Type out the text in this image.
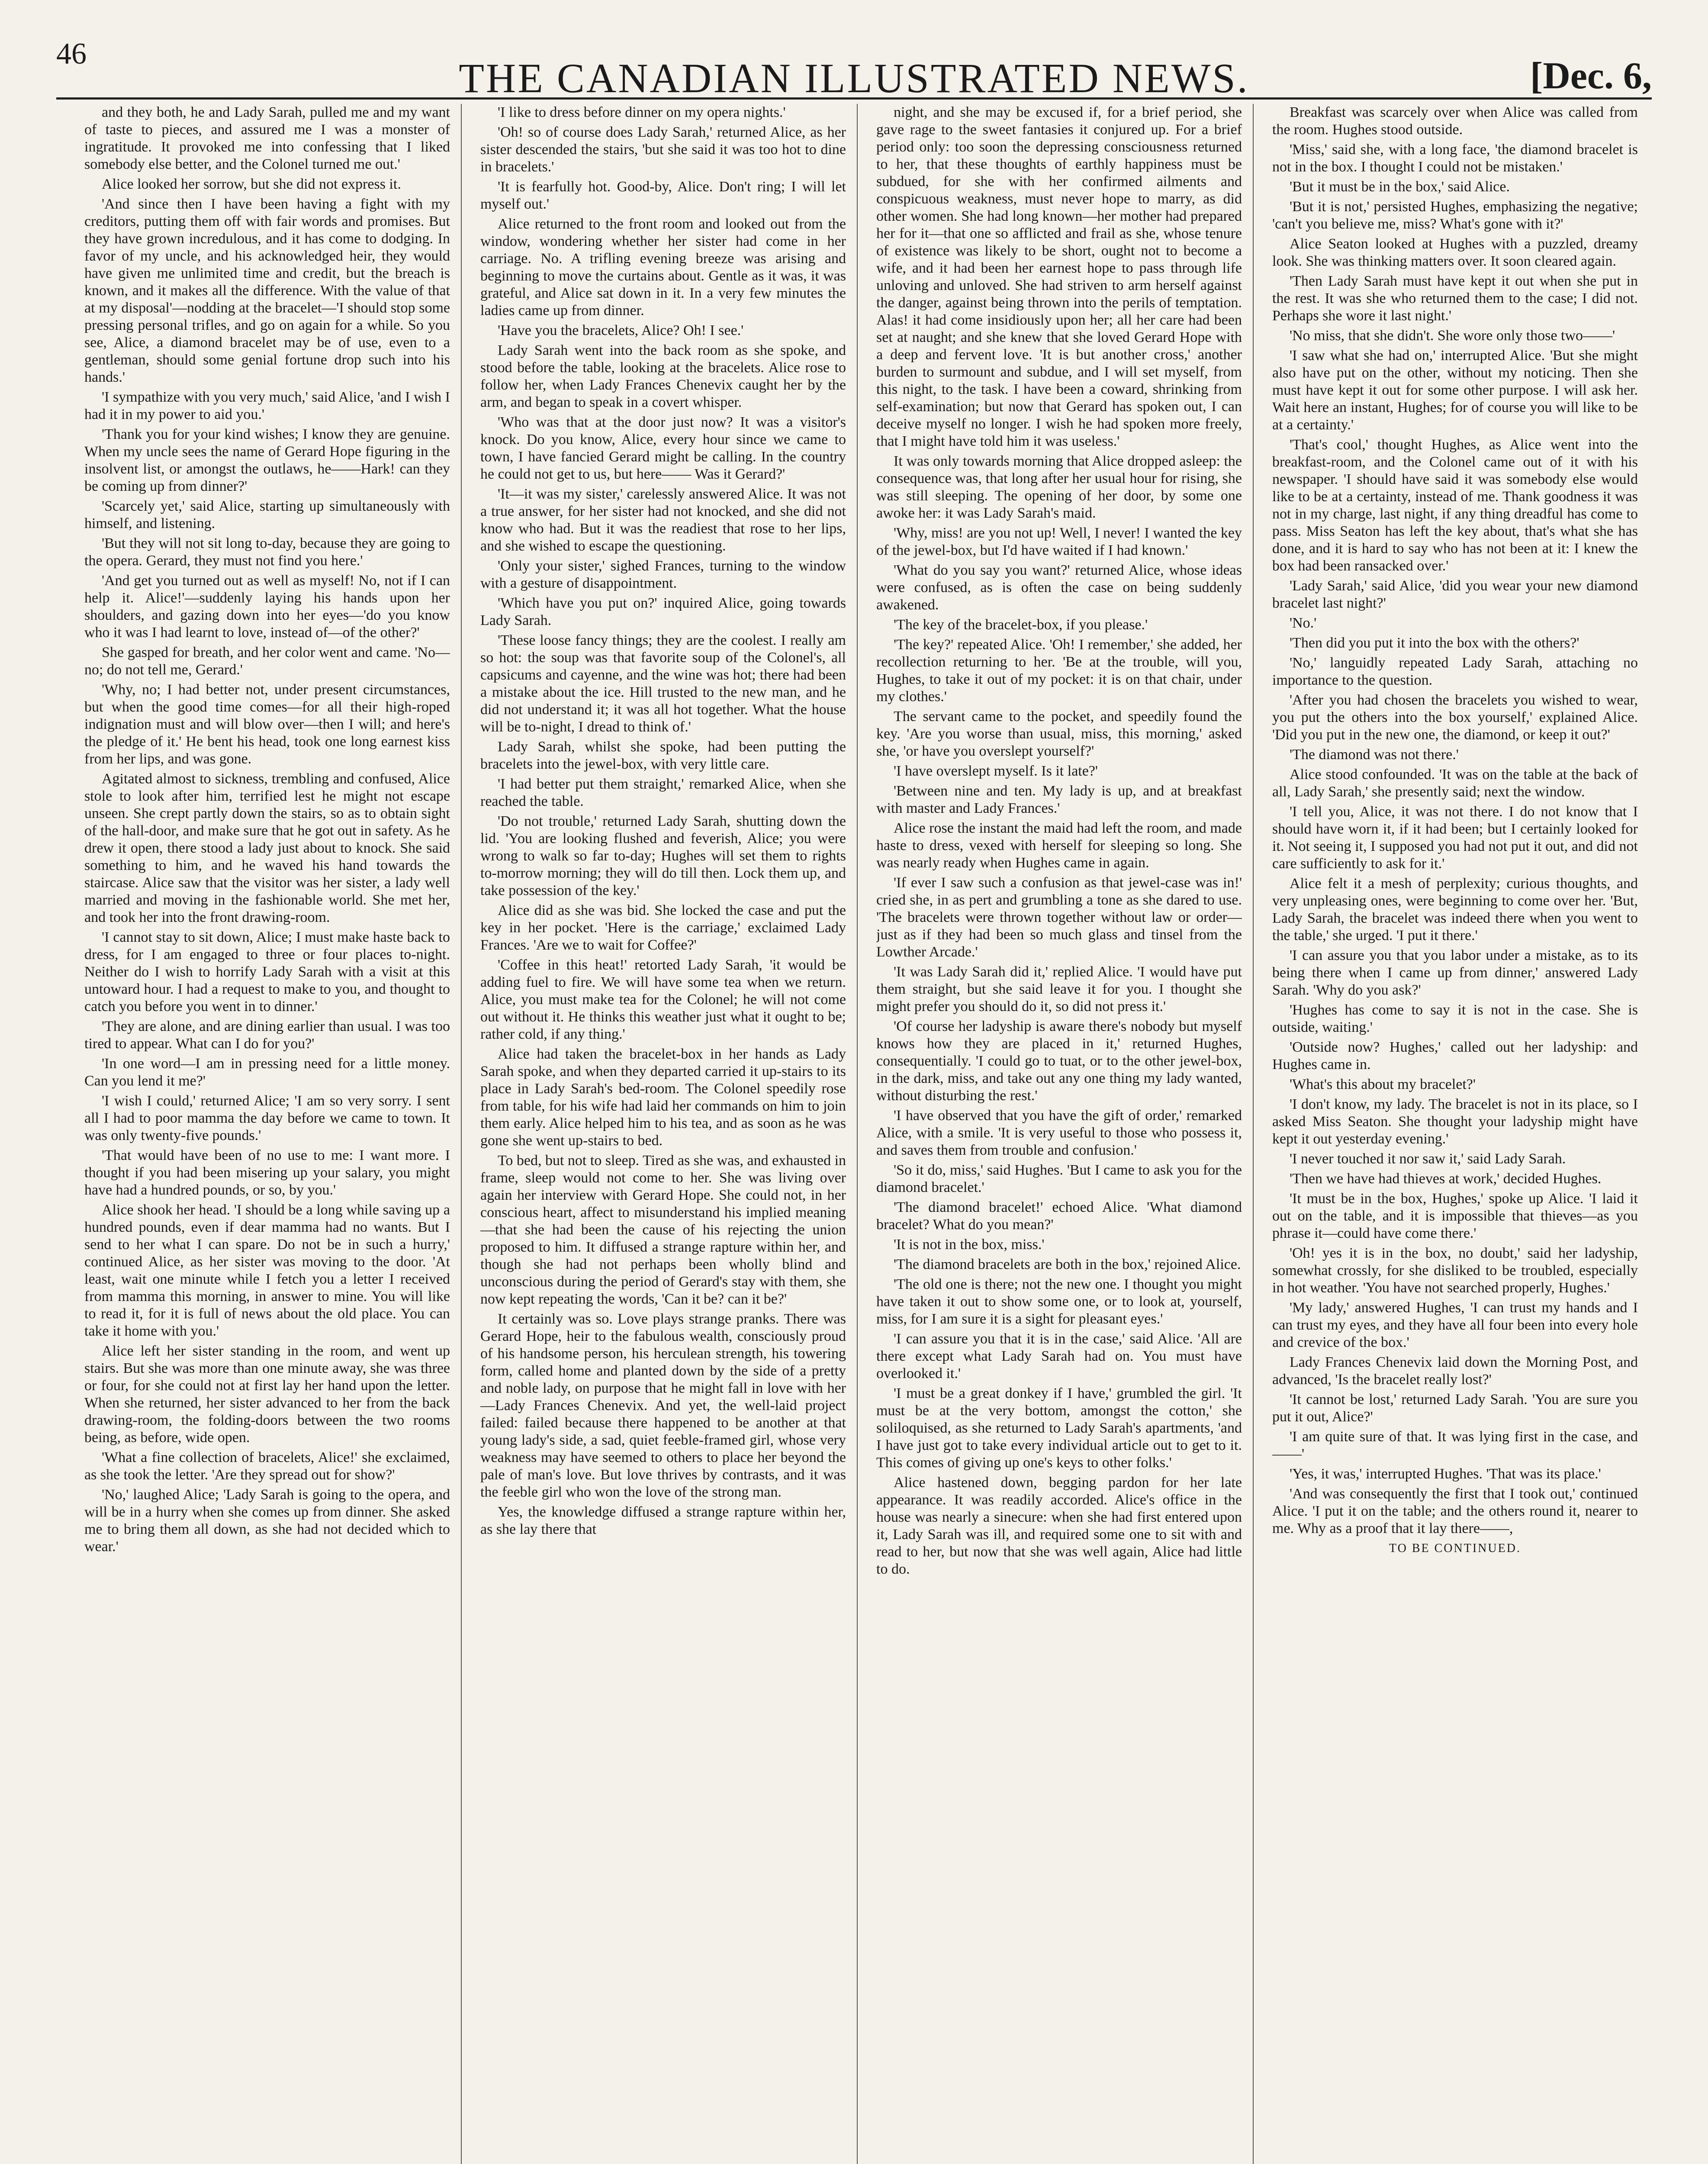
46
THE CANADIAN ILLUSTRATED NEWS.	[Dec. 6,

and they both, he and Lady Sarah, pulled me and my want of taste to pieces, and assured me I was a monster of ingratitude. It provoked me into confessing that I liked somebody else better, and the Colonel turned me out.'

Alice looked her sorrow, but she did not express it.

'And since then I have been having a fight with my creditors, putting them off with fair words and promises. But they have grown incredulous, and it has come to dodging. In favor of my uncle, and his acknowledged heir, they would have given me unlimited time and credit, but the breach is known, and it makes all the difference. With the value of that at my disposal'—nodding at the bracelet—'I should stop some pressing personal trifles, and go on again for a while. So you see, Alice, a diamond bracelet may be of use, even to a gentleman, should some genial fortune drop such into his hands.'

'I sympathize with you very much,' said Alice, 'and I wish I had it in my power to aid you.'

'Thank you for your kind wishes; I know they are genuine. When my uncle sees the name of Gerard Hope figuring in the insolvent list, or amongst the outlaws, he——Hark! can they be coming up from dinner?'

'Scarcely yet,' said Alice, starting up simultaneously with himself, and listening.

'But they will not sit long to-day, because they are going to the opera. Gerard, they must not find you here.'

'And get you turned out as well as myself! No, not if I can help it. Alice!'—suddenly laying his hands upon her shoulders, and gazing down into her eyes—'do you know who it was I had learnt to love, instead of—of the other?'

She gasped for breath, and her color went and came. 'No—no; do not tell me, Gerard.'

'Why, no; I had better not, under present circumstances, but when the good time comes—for all their high-roped indignation must and will blow over—then I will; and here's the pledge of it.' He bent his head, took one long earnest kiss from her lips, and was gone.

Agitated almost to sickness, trembling and confused, Alice stole to look after him, terrified lest he might not escape unseen. She crept partly down the stairs, so as to obtain sight of the hall-door, and make sure that he got out in safety. As he drew it open, there stood a lady just about to knock. She said something to him, and he waved his hand towards the staircase. Alice saw that the visitor was her sister, a lady well married and moving in the fashionable world. She met her, and took her into the front drawing-room.

'I cannot stay to sit down, Alice; I must make haste back to dress, for I am engaged to three or four places to-night. Neither do I wish to horrify Lady Sarah with a visit at this untoward hour. I had a request to make to you, and thought to catch you before you went in to dinner.'

'They are alone, and are dining earlier than usual. I was too tired to appear. What can I do for you?'

'In one word—I am in pressing need for a little money. Can you lend it me?'

'I wish I could,' returned Alice; 'I am so very sorry. I sent all I had to poor mamma the day before we came to town. It was only twenty-five pounds.'

'That would have been of no use to me: I want more. I thought if you had been misering up your salary, you might have had a hundred pounds, or so, by you.'

Alice shook her head. 'I should be a long while saving up a hundred pounds, even if dear mamma had no wants. But I send to her what I can spare. Do not be in such a hurry,' continued Alice, as her sister was moving to the door. 'At least, wait one minute while I fetch you a letter I received from mamma this morning, in answer to mine. You will like to read it, for it is full of news about the old place. You can take it home with you.'

Alice left her sister standing in the room, and went up stairs. But she was more than one minute away, she was three or four, for she could not at first lay her hand upon the letter. When she returned, her sister advanced to her from the back drawing-room, the folding-doors between the two rooms being, as before, wide open.

'What a fine collection of bracelets, Alice!' she exclaimed, as she took the letter. 'Are they spread out for show?'

'No,' laughed Alice; 'Lady Sarah is going to the opera, and will be in a hurry when she comes up from dinner. She asked me to bring them all down, as she had not decided which to wear.'

'I like to dress before dinner on my opera nights.'

'Oh! so of course does Lady Sarah,' returned Alice, as her sister descended the stairs, 'but she said it was too hot to dine in bracelets.'

'It is fearfully hot. Good-by, Alice. Don't ring; I will let myself out.'

Alice returned to the front room and looked out from the window, wondering whether her sister had come in her carriage. No. A trifling evening breeze was arising and beginning to move the curtains about. Gentle as it was, it was grateful, and Alice sat down in it. In a very few minutes the ladies came up from dinner.

'Have you the bracelets, Alice? Oh! I see.'

Lady Sarah went into the back room as she spoke, and stood before the table, looking at the bracelets. Alice rose to follow her, when Lady Frances Chenevix caught her by the arm, and began to speak in a covert whisper.

'Who was that at the door just now? It was a visitor's knock. Do you know, Alice, every hour since we came to town, I have fancied Gerard might be calling. In the country he could not get to us, but here—— Was it Gerard?'

'It—it was my sister,' carelessly answered Alice. It was not a true answer, for her sister had not knocked, and she did not know who had. But it was the readiest that rose to her lips, and she wished to escape the questioning.

'Only your sister,' sighed Frances, turning to the window with a gesture of disappointment.

'Which have you put on?' inquired Alice, going towards Lady Sarah.

'These loose fancy things; they are the coolest. I really am so hot: the soup was that favorite soup of the Colonel's, all capsicums and cayenne, and the wine was hot; there had been a mistake about the ice. Hill trusted to the new man, and he did not understand it; it was all hot together. What the house will be to-night, I dread to think of.'

Lady Sarah, whilst she spoke, had been putting the bracelets into the jewel-box, with very little care.

'I had better put them straight,' remarked Alice, when she reached the table.

'Do not trouble,' returned Lady Sarah, shutting down the lid. 'You are looking flushed and feverish, Alice; you were wrong to walk so far to-day; Hughes will set them to rights to-morrow morning; they will do till then. Lock them up, and take possession of the key.'

Alice did as she was bid. She locked the case and put the key in her pocket. 'Here is the carriage,' exclaimed Lady Frances. 'Are we to wait for Coffee?'

'Coffee in this heat!' retorted Lady Sarah, 'it would be adding fuel to fire. We will have some tea when we return. Alice, you must make tea for the Colonel; he will not come out without it. He thinks this weather just what it ought to be; rather cold, if any thing.'

Alice had taken the bracelet-box in her hands as Lady Sarah spoke, and when they departed carried it up-stairs to its place in Lady Sarah's bed-room. The Colonel speedily rose from table, for his wife had laid her commands on him to join them early. Alice helped him to his tea, and as soon as he was gone she went up-stairs to bed.

To bed, but not to sleep. Tired as she was, and exhausted in frame, sleep would not come to her. She was living over again her interview with Gerard Hope. She could not, in her conscious heart, affect to misunderstand his implied meaning—that she had been the cause of his rejecting the union proposed to him. It diffused a strange rapture within her, and though she had not perhaps been wholly blind and unconscious during the period of Gerard's stay with them, she now kept repeating the words, 'Can it be? can it be?'

It certainly was so. Love plays strange pranks. There was Gerard Hope, heir to the fabulous wealth, consciously proud of his handsome person, his herculean strength, his towering form, called home and planted down by the side of a pretty and noble lady, on purpose that he might fall in love with her—Lady Frances Chenevix. And yet, the well-laid project failed: failed because there happened to be another at that young lady's side, a sad, quiet feeble-framed girl, whose very weakness may have seemed to others to place her beyond the pale of man's love. But love thrives by contrasts, and it was the feeble girl who won the love of the strong man.

Yes, the knowledge diffused a strange rapture within her, as she lay there that

night, and she may be excused if, for a brief period, she gave rage to the sweet fantasies it conjured up. For a brief period only: too soon the depressing consciousness returned to her, that these thoughts of earthly happiness must be subdued, for she with her confirmed ailments and conspicuous weakness, must never hope to marry, as did other women. She had long known—her mother had prepared her for it—that one so afflicted and frail as she, whose tenure of existence was likely to be short, ought not to become a wife, and it had been her earnest hope to pass through life unloving and unloved. She had striven to arm herself against the danger, against being thrown into the perils of temptation. Alas! it had come insidiously upon her; all her care had been set at naught; and she knew that she loved Gerard Hope with a deep and fervent love. 'It is but another cross,' another burden to surmount and subdue, and I will set myself, from this night, to the task. I have been a coward, shrinking from self-examination; but now that Gerard has spoken out, I can deceive myself no longer. I wish he had spoken more freely, that I might have told him it was useless.'

It was only towards morning that Alice dropped asleep: the consequence was, that long after her usual hour for rising, she was still sleeping. The opening of her door, by some one awoke her: it was Lady Sarah's maid.

'Why, miss! are you not up! Well, I never! I wanted the key of the jewel-box, but I'd have waited if I had known.'

'What do you say you want?' returned Alice, whose ideas were confused, as is often the case on being suddenly awakened.

'The key of the bracelet-box, if you please.'

'The key?' repeated Alice. 'Oh! I remember,' she added, her recollection returning to her. 'Be at the trouble, will you, Hughes, to take it out of my pocket: it is on that chair, under my clothes.'

The servant came to the pocket, and speedily found the key. 'Are you worse than usual, miss, this morning,' asked she, 'or have you overslept yourself?'

'I have overslept myself. Is it late?'

'Between nine and ten. My lady is up, and at breakfast with master and Lady Frances.'

Alice rose the instant the maid had left the room, and made haste to dress, vexed with herself for sleeping so long. She was nearly ready when Hughes came in again.

'If ever I saw such a confusion as that jewel-case was in!' cried she, in as pert and grumbling a tone as she dared to use. 'The bracelets were thrown together without law or order—just as if they had been so much glass and tinsel from the Lowther Arcade.'

'It was Lady Sarah did it,' replied Alice. 'I would have put them straight, but she said leave it for you. I thought she might prefer you should do it, so did not press it.'

'Of course her ladyship is aware there's nobody but myself knows how they are placed in it,' returned Hughes, consequentially. 'I could go to tuat, or to the other jewel-box, in the dark, miss, and take out any one thing my lady wanted, without disturbing the rest.'

'I have observed that you have the gift of order,' remarked Alice, with a smile. 'It is very useful to those who possess it, and saves them from trouble and confusion.'

'So it do, miss,' said Hughes. 'But I came to ask you for the diamond bracelet.'

'The diamond bracelet!' echoed Alice. 'What diamond bracelet? What do you mean?'

'It is not in the box, miss.'

'The diamond bracelets are both in the box,' rejoined Alice.

'The old one is there; not the new one. I thought you might have taken it out to show some one, or to look at, yourself, miss, for I am sure it is a sight for pleasant eyes.'

'I can assure you that it is in the case,' said Alice. 'All are there except what Lady Sarah had on. You must have overlooked it.'

'I must be a great donkey if I have,' grumbled the girl. 'It must be at the very bottom, amongst the cotton,' she soliloquised, as she returned to Lady Sarah's apartments, 'and I have just got to take every individual article out to get to it. This comes of giving up one's keys to other folks.'

Alice hastened down, begging pardon for her late appearance. It was readily accorded. Alice's office in the house was nearly a sinecure: when she had first entered upon it, Lady Sarah was ill, and required some one to sit with and read to her, but now that she was well again, Alice had little to do.

Breakfast was scarcely over when Alice was called from the room. Hughes stood outside.

'Miss,' said she, with a long face, 'the diamond bracelet is not in the box. I thought I could not be mistaken.'

'But it must be in the box,' said Alice.

'But it is not,' persisted Hughes, emphasizing the negative; 'can't you believe me, miss? What's gone with it?'

Alice Seaton looked at Hughes with a puzzled, dreamy look. She was thinking matters over. It soon cleared again.

'Then Lady Sarah must have kept it out when she put in the rest. It was she who returned them to the case; I did not. Perhaps she wore it last night.'

'No miss, that she didn't. She wore only those two——'

'I saw what she had on,' interrupted Alice. 'But she might also have put on the other, without my noticing. Then she must have kept it out for some other purpose. I will ask her. Wait here an instant, Hughes; for of course you will like to be at a certainty.'

'That's cool,' thought Hughes, as Alice went into the breakfast-room, and the Colonel came out of it with his newspaper. 'I should have said it was somebody else would like to be at a certainty, instead of me. Thank goodness it was not in my charge, last night, if any thing dreadful has come to pass. Miss Seaton has left the key about, that's what she has done, and it is hard to say who has not been at it: I knew the box had been ransacked over.'

'Lady Sarah,' said Alice, 'did you wear your new diamond bracelet last night?'

'No.'

'Then did you put it into the box with the others?'

'No,' languidly repeated Lady Sarah, attaching no importance to the question.

'After you had chosen the bracelets you wished to wear, you put the others into the box yourself,' explained Alice. 'Did you put in the new one, the diamond, or keep it out?'

'The diamond was not there.'

Alice stood confounded. 'It was on the table at the back of all, Lady Sarah,' she presently said; next the window.

'I tell you, Alice, it was not there. I do not know that I should have worn it, if it had been; but I certainly looked for it. Not seeing it, I supposed you had not put it out, and did not care sufficiently to ask for it.'

Alice felt it a mesh of perplexity; curious thoughts, and very unpleasing ones, were beginning to come over her. 'But, Lady Sarah, the bracelet was indeed there when you went to the table,' she urged. 'I put it there.'

'I can assure you that you labor under a mistake, as to its being there when I came up from dinner,' answered Lady Sarah. 'Why do you ask?'

'Hughes has come to say it is not in the case. She is outside, waiting.'

'Outside now? Hughes,' called out her ladyship: and Hughes came in.

'What's this about my bracelet?'

'I don't know, my lady. The bracelet is not in its place, so I asked Miss Seaton. She thought your ladyship might have kept it out yesterday evening.'

'I never touched it nor saw it,' said Lady Sarah.

'Then we have had thieves at work,' decided Hughes.

'It must be in the box, Hughes,' spoke up Alice. 'I laid it out on the table, and it is impossible that thieves—as you phrase it—could have come there.'

'Oh! yes it is in the box, no doubt,' said her ladyship, somewhat crossly, for she disliked to be troubled, especially in hot weather. 'You have not searched properly, Hughes.'

'My lady,' answered Hughes, 'I can trust my hands and I can trust my eyes, and they have all four been into every hole and crevice of the box.'

Lady Frances Chenevix laid down the Morning Post, and advanced, 'Is the bracelet really lost?'

'It cannot be lost,' returned Lady Sarah. 'You are sure you put it out, Alice?'

'I am quite sure of that. It was lying first in the case, and——'

'Yes, it was,' interrupted Hughes. 'That was its place.'

'And was consequently the first that I took out,' continued Alice. 'I put it on the table; and the others round it, nearer to me. Why as a proof that it lay there——,

TO BE CONTINUED.
